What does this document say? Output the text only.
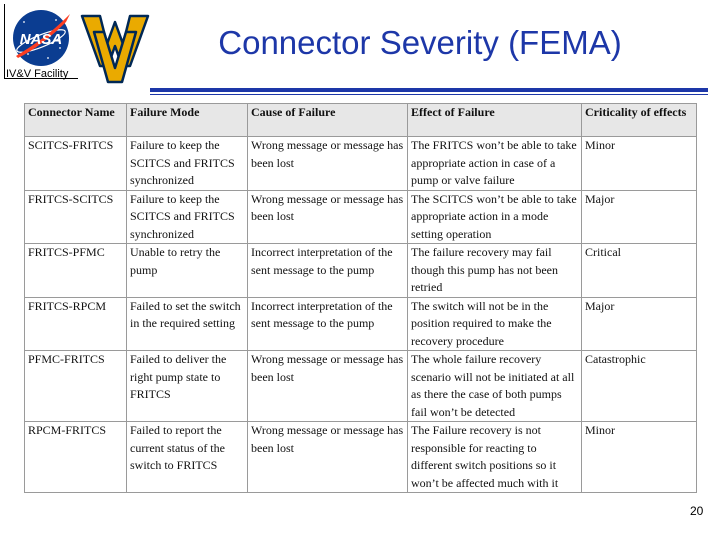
NASA
IV&V Facility
Connector Severity (FEMA)
Connector Name	Failure Mode	Cause of Failure	Effect of Failure	Criticality of effects
SCITCS-FRITCS	Failure to keep the SCITCS and FRITCS synchronized	Wrong message or message has been lost	The FRITCS won’t be able to take appropriate action in case of a pump or valve failure	Minor
FRITCS-SCITCS	Failure to keep the SCITCS and FRITCS synchronized	Wrong message or message has been lost	The SCITCS won’t be able to take appropriate action in a mode setting operation	Major
FRITCS-PFMC	Unable to retry the pump	Incorrect interpretation of the sent message to the pump	The failure recovery may fail though this pump has not been retried	Critical
FRITCS-RPCM	Failed to set the switch in the required setting	Incorrect interpretation of the sent message to the pump	The switch will not be in the position required to make the recovery procedure	Major
PFMC-FRITCS	Failed to deliver the right pump state to FRITCS	Wrong message or message has been lost	The whole failure recovery scenario will not be initiated at all as there the case of both pumps fail won’t be detected	Catastrophic
RPCM-FRITCS	Failed to report the current status of the switch to FRITCS	Wrong message or message has been lost	The Failure recovery is not responsible for reacting to different switch positions so it won’t be affected much with it	Minor
20
